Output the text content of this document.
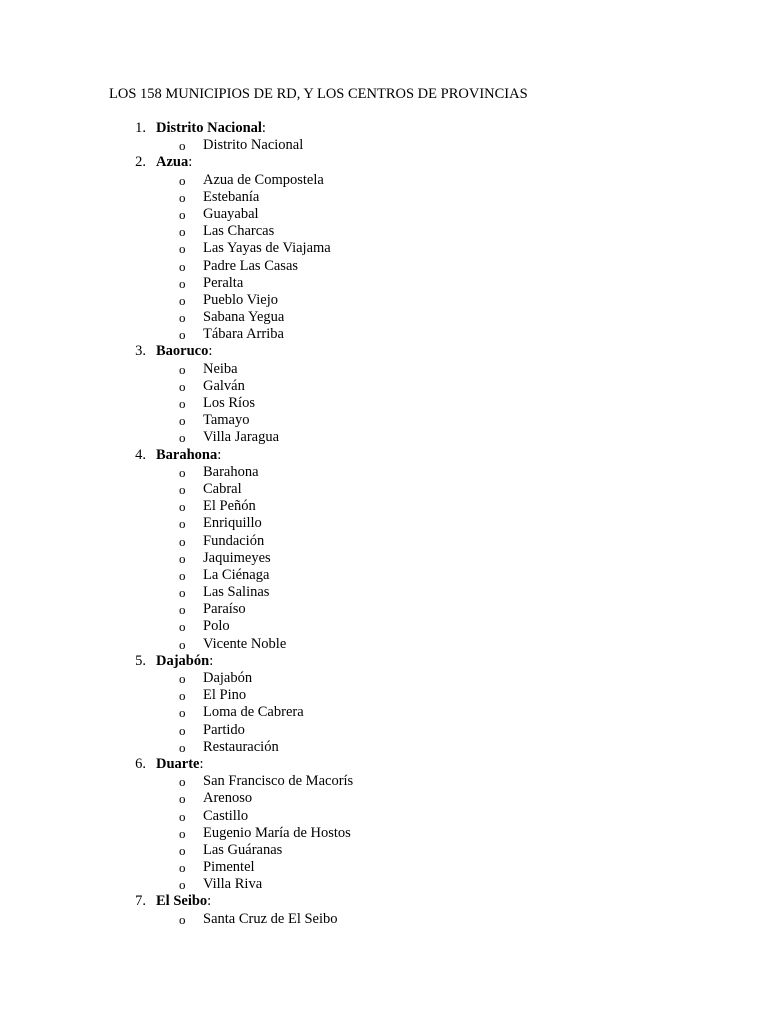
LOS 158 MUNICIPIOS DE RD, Y LOS CENTROS DE PROVINCIAS
1. Distrito Nacional:
o Distrito Nacional
2. Azua:
o Azua de Compostela
o Estebanía
o Guayabal
o Las Charcas
o Las Yayas de Viajama
o Padre Las Casas
o Peralta
o Pueblo Viejo
o Sabana Yegua
o Tábara Arriba
3. Baoruco:
o Neiba
o Galván
o Los Ríos
o Tamayo
o Villa Jaragua
4. Barahona:
o Barahona
o Cabral
o El Peñón
o Enriquillo
o Fundación
o Jaquimeyes
o La Ciénaga
o Las Salinas
o Paraíso
o Polo
o Vicente Noble
5. Dajabón:
o Dajabón
o El Pino
o Loma de Cabrera
o Partido
o Restauración
6. Duarte:
o San Francisco de Macorís
o Arenoso
o Castillo
o Eugenio María de Hostos
o Las Guáranas
o Pimentel
o Villa Riva
7. El Seibo:
o Santa Cruz de El Seibo
